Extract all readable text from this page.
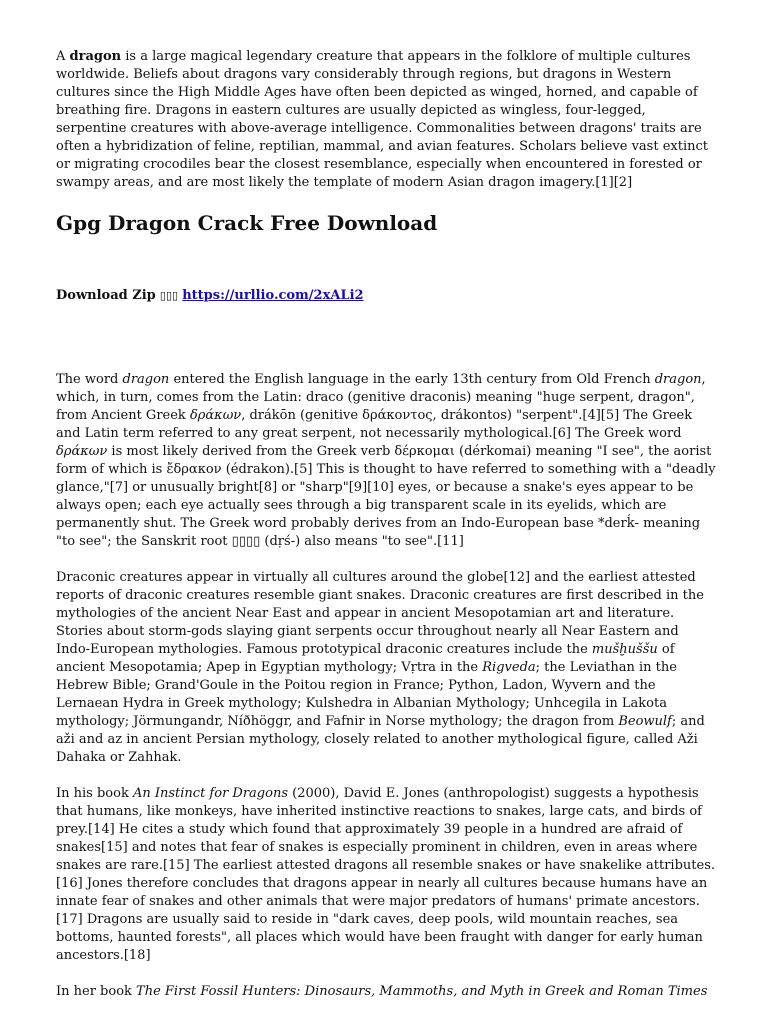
A dragon is a large magical legendary creature that appears in the folklore of multiple cultures worldwide. Beliefs about dragons vary considerably through regions, but dragons in Western cultures since the High Middle Ages have often been depicted as winged, horned, and capable of breathing fire. Dragons in eastern cultures are usually depicted as wingless, four-legged, serpentine creatures with above-average intelligence. Commonalities between dragons' traits are often a hybridization of feline, reptilian, mammal, and avian features. Scholars believe vast extinct or migrating crocodiles bear the closest resemblance, especially when encountered in forested or swampy areas, and are most likely the template of modern Asian dragon imagery.[1][2]

Gpg Dragon Crack Free Download
Download Zip ▯▯▯ https://urllio.com/2xALi2

The word dragon entered the English language in the early 13th century from Old French dragon, which, in turn, comes from the Latin: draco (genitive draconis) meaning "huge serpent, dragon", from Ancient Greek δράκων, drákōn (genitive δράκοντος, drákontos) "serpent".[4][5] The Greek and Latin term referred to any great serpent, not necessarily mythological.[6] The Greek word δράκων is most likely derived from the Greek verb δέρκομαι (dérkomai) meaning "I see", the aorist form of which is ἔδρακον (édrakon).[5] This is thought to have referred to something with a "deadly glance,"[7] or unusually bright[8] or "sharp"[9][10] eyes, or because a snake's eyes appear to be always open; each eye actually sees through a big transparent scale in its eyelids, which are permanently shut. The Greek word probably derives from an Indo-European base *derḱ- meaning "to see"; the Sanskrit root ▯▯▯▯ (dṛś-) also means "to see".[11]

Draconic creatures appear in virtually all cultures around the globe[12] and the earliest attested reports of draconic creatures resemble giant snakes. Draconic creatures are first described in the mythologies of the ancient Near East and appear in ancient Mesopotamian art and literature. Stories about storm-gods slaying giant serpents occur throughout nearly all Near Eastern and Indo-European mythologies. Famous prototypical draconic creatures include the mušḫuššu of ancient Mesopotamia; Apep in Egyptian mythology; Vṛtra in the Rigveda; the Leviathan in the Hebrew Bible; Grand'Goule in the Poitou region in France; Python, Ladon, Wyvern and the Lernaean Hydra in Greek mythology; Kulshedra in Albanian Mythology; Unhcegila in Lakota mythology; Jörmungandr, Níðhöggr, and Fafnir in Norse mythology; the dragon from Beowulf; and aži and az in ancient Persian mythology, closely related to another mythological figure, called Aži Dahaka or Zahhak.

In his book An Instinct for Dragons (2000), David E. Jones (anthropologist) suggests a hypothesis that humans, like monkeys, have inherited instinctive reactions to snakes, large cats, and birds of prey.[14] He cites a study which found that approximately 39 people in a hundred are afraid of snakes[15] and notes that fear of snakes is especially prominent in children, even in areas where snakes are rare.[15] The earliest attested dragons all resemble snakes or have snakelike attributes.[16] Jones therefore concludes that dragons appear in nearly all cultures because humans have an innate fear of snakes and other animals that were major predators of humans' primate ancestors.[17] Dragons are usually said to reside in "dark caves, deep pools, wild mountain reaches, sea bottoms, haunted forests", all places which would have been fraught with danger for early human ancestors.[18]

In her book The First Fossil Hunters: Dinosaurs, Mammoths, and Myth in Greek and Roman Times
